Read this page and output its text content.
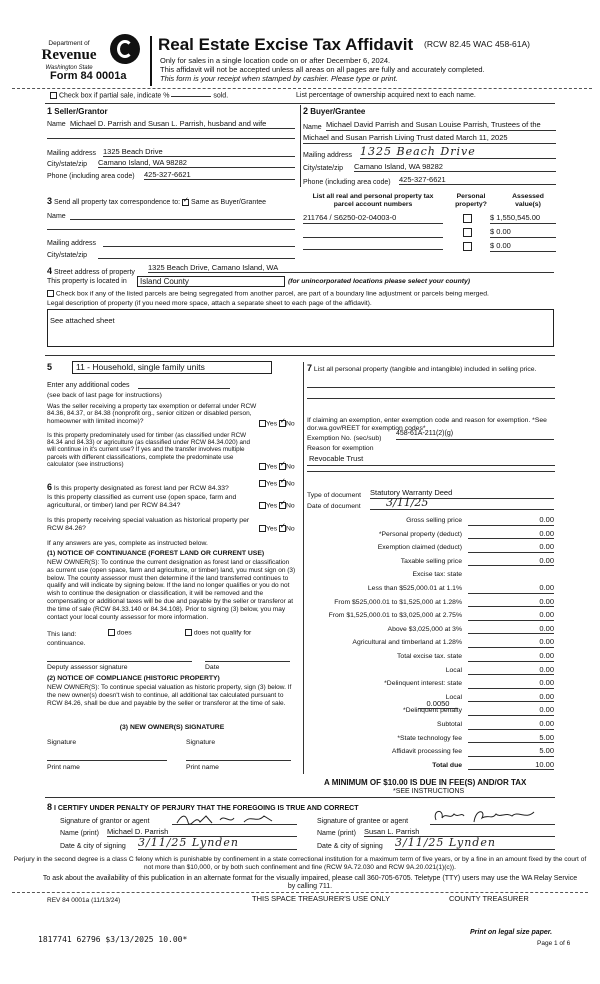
Department of
Revenue
Washington State
Form 84 0001a
Real Estate Excise Tax Affidavit (RCW 82.45 WAC 458-61A)
Only for sales in a single location code on or after December 6, 2024.
This affidavit will not be accepted unless all areas on all pages are fully and accurately completed.
This form is your receipt when stamped by cashier. Please type or print.
Check box if partial sale, indicate %	sold.	List percentage of ownership acquired next to each name.
1 Seller/Grantor
Name Michael D. Parrish and Susan L. Parrish, husband and wife
Mailing address 1325 Beach Drive
City/state/zip Camano Island, WA 98282
Phone (including area code) 425-327-6621
2 Buyer/Grantee
Name Michael David Parrish and Susan Louise Parrish, Trustees of the
Michael and Susan Parrish Living Trust dated March 11, 2025
Mailing address 1325 Beach Drive
City/state/zip Camano Island, WA 98282
Phone (including area code) 425-327-6621
3 Send all property tax correspondence to: ✓ Same as Buyer/Grantee
Name
Mailing address
City/state/zip
List all real and personal property tax parcel account numbers
Personal property?
Assessed value(s)
211764 / S6250-02-04003-0	$ 1,550,545.00
$ 0.00
$ 0.00
4 Street address of property
1325 Beach Drive, Camano Island, WA
This property is located in	Island County	(for unincorporated locations please select your county)
Check box if any of the listed parcels are being segregated from another parcel, are part of a boundary line adjustment or parcels being merged.
Legal description of property (if you need more space, attach a separate sheet to each page of the affidavit).
See attached sheet
5	11 - Household, single family units
Enter any additional codes
(see back of last page for instructions)
Was the seller receiving a property tax exemption or deferral under RCW 84.36, 84.37, or 84.38 (nonprofit org., senior citizen or disabled person, homeowner with limited income)?	Yes ✓ No
Is this property predominately used for timber (as classified under RCW 84.34 and 84.33) or agriculture (as classified under RCW 84.34.020) and will continue in it's current use? If yes and the transfer involves multiple parcels with different classifications, complete the predominate use calculator (see instructions)	Yes ✓ No
6 Is this property designated as forest land per RCW 84.33?
Yes ✓ No
Is this property classified as current use (open space, farm and agricultural, or timber) land per RCW 84.34?	Yes ✓ No
Is this property receiving special valuation as historical property per RCW 84.26?	Yes ✓ No
If any answers are yes, complete as instructed below.
(1) NOTICE OF CONTINUANCE (FOREST LAND OR CURRENT USE)
NEW OWNER(S): To continue the current designation as forest land or classification as current use (open space, farm and agriculture, or timber) land, you must sign on (3) below. The county assessor must then determine if the land transferred continues to qualify and will indicate by signing below. If the land no longer qualifies or you do not wish to continue the designation or classification, it will be removed and the compensating or additional taxes will be due and payable by the seller or transferor at the time of sale (RCW 84.33.140 or 84.34.108). Prior to signing (3) below, you may contact your local county assessor for more information.
This land:	does	does not qualify for
continuance.
Deputy assessor signature	Date
(2) NOTICE OF COMPLIANCE (HISTORIC PROPERTY)
NEW OWNER(S): To continue special valuation as historic property, sign (3) below. If the new owner(s) doesn't wish to continue, all additional tax calculated pursuant to RCW 84.26, shall be due and payable by the seller or transferor at the time of sale.
(3) NEW OWNER(S) SIGNATURE
Signature	Signature
Print name	Print name
7 List all personal property (tangible and intangible) included in selling price.
If claiming an exemption, enter exemption code and reason for exemption. *See dor.wa.gov/REET for exemption codes*
Exemption No. (sec/sub)
458-61A-211(2)(g)
Reason for exemption
Revocable Trust
Type of document Statutory Warranty Deed
Date of document	3/11/25
Gross selling price	0.00
*Personal property (deduct)	0.00
Exemption claimed (deduct)	0.00
Taxable selling price	0.00
Excise tax: state
Less than $525,000.01 at 1.1%	0.00
From $525,000.01 to $1,525,000 at 1.28%	0.00
From $1,525,000.01 to $3,025,000 at 2.75%	0.00
Above $3,025,000 at 3%	0.00
Agricultural and timberland at 1.28%	0.00
Total excise tax. state	0.00
Local	0.00
*Delinquent interest: state	0.00
Local	0.00
*Delinquent penalty	0.00
Subtotal	0.00
*State technology fee	5.00
Affidavit processing fee	5.00
Total due	10.00
0.0050
A MINIMUM OF $10.00 IS DUE IN FEE(S) AND/OR TAX
*SEE INSTRUCTIONS
8 I CERTIFY UNDER PENALTY OF PERJURY THAT THE FOREGOING IS TRUE AND CORRECT
Signature of grantor or agent
Name (print) Michael D. Parrish
Date & city of signing 3/11/25 Lynden
Signature of grantee or agent
Name (print) Susan L. Parrish
Date & city of signing 3/11/25 Lynden
Perjury in the second degree is a class C felony which is punishable by confinement in a state correctional institution for a maximum term of five years, or by a fine in an amount fixed by the court of not more than $10,000, or by both such confinement and fine (RCW 9A.72.030 and RCW 9A.20.021(1)(c)).
To ask about the availability of this publication in an alternate format for the visually impaired, please call 360-705-6705. Teletype (TTY) users may use the WA Relay Service by calling 711.
REV 84 0001a (11/13/24)	THIS SPACE TREASURER'S USE ONLY	COUNTY TREASURER
1817741 62796 $3/13/2025 10.00*
Print on legal size paper.
Page 1 of 6
